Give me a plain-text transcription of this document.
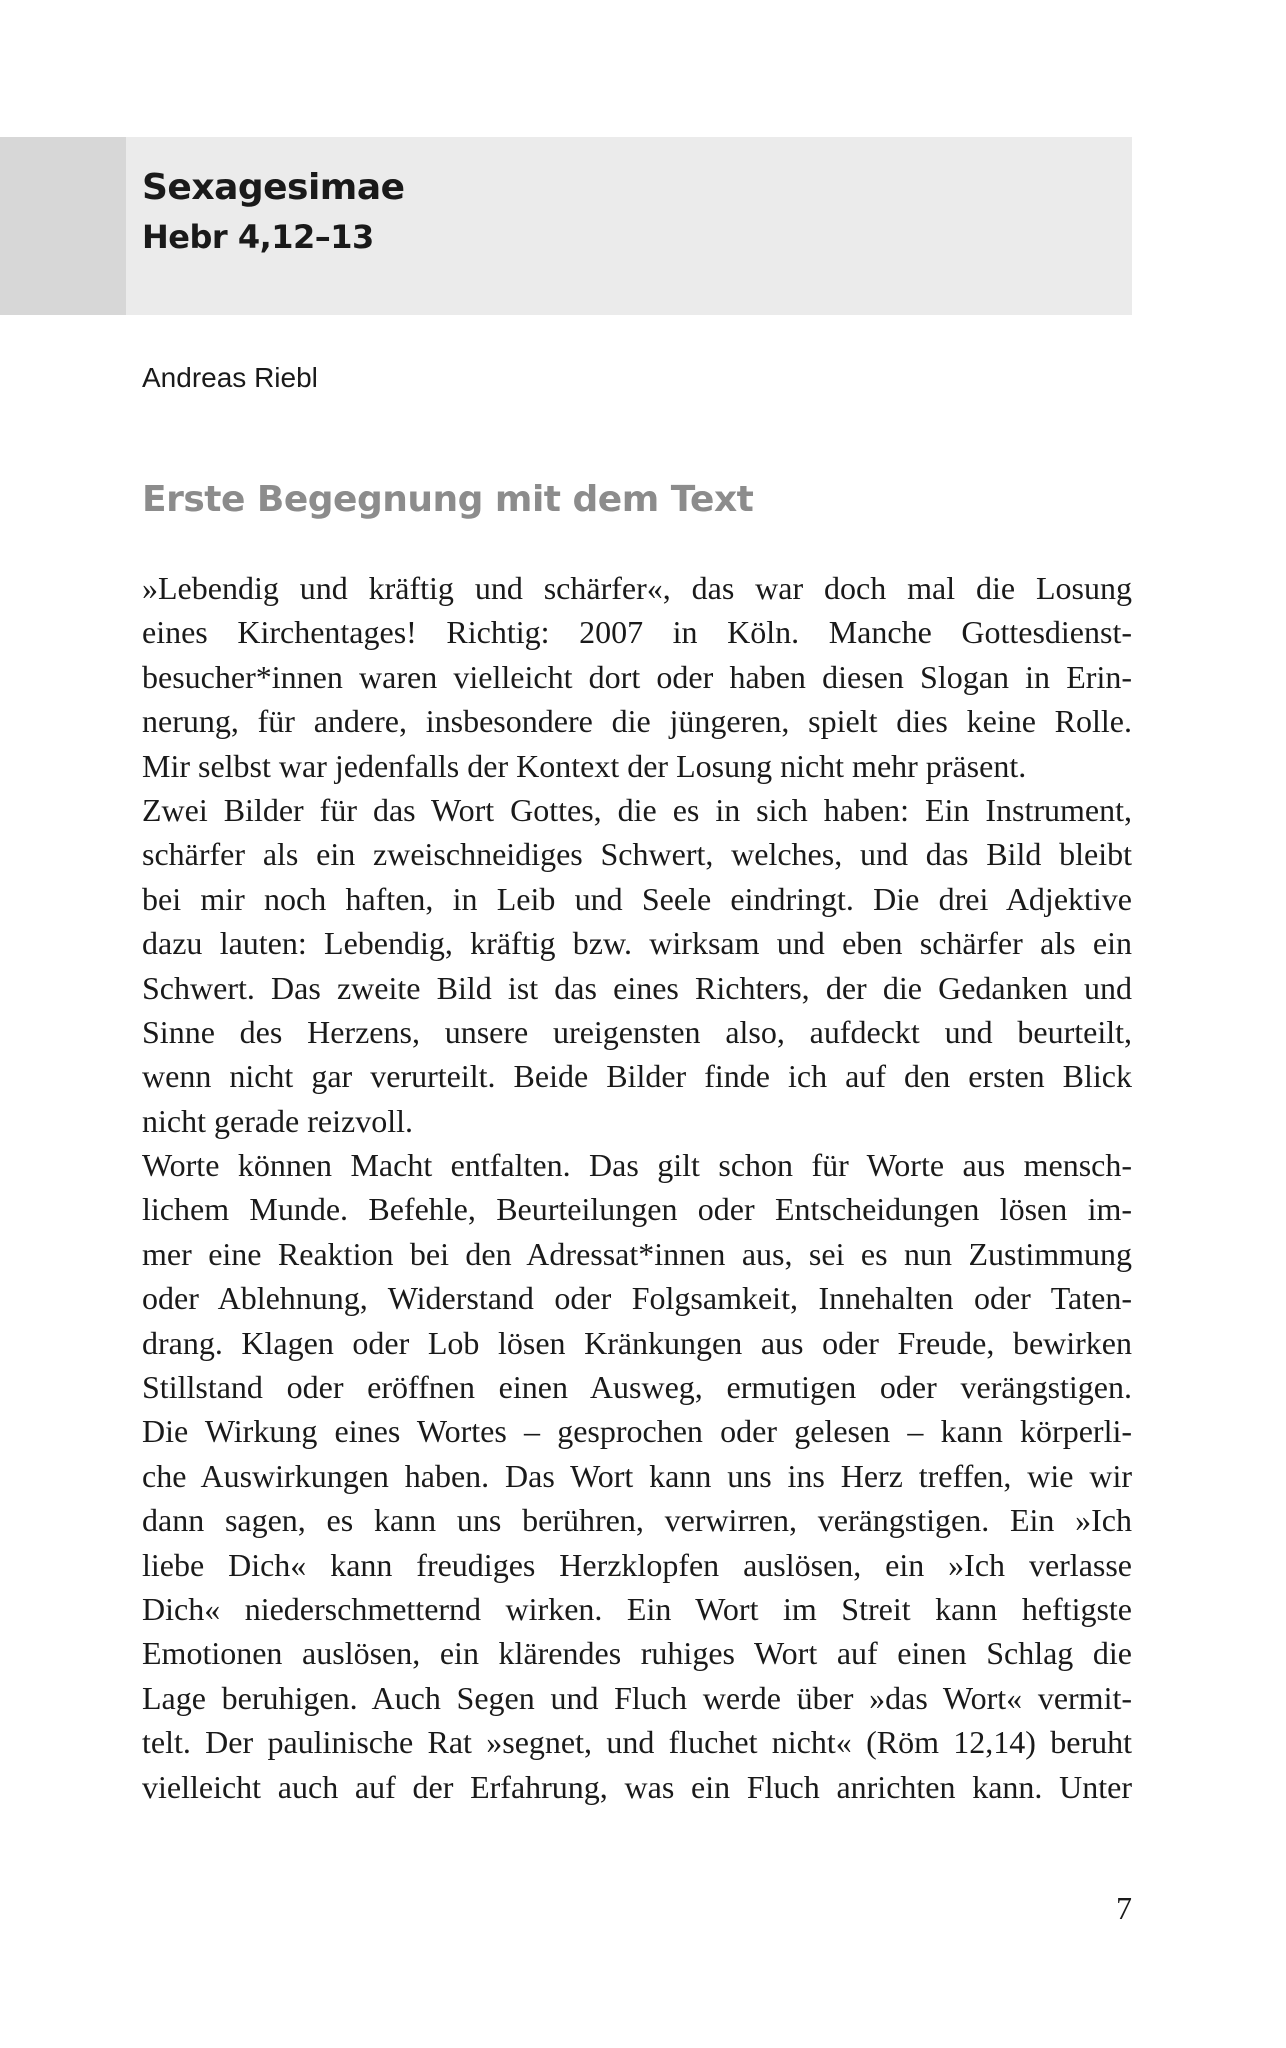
Sexagesimae
Hebr 4,12–13
Andreas Riebl
Erste Begegnung mit dem Text
»Lebendig und kräftig und schärfer«, das war doch mal die Losung
eines Kirchentages! Richtig: 2007 in Köln. Manche Gottesdienst-
besucher*innen waren vielleicht dort oder haben diesen Slogan in Erin-
nerung, für andere, insbesondere die jüngeren, spielt dies keine Rolle.
Mir selbst war jedenfalls der Kontext der Losung nicht mehr präsent.
Zwei Bilder für das Wort Gottes, die es in sich haben: Ein Instrument,
schärfer als ein zweischneidiges Schwert, welches, und das Bild bleibt
bei mir noch haften, in Leib und Seele eindringt. Die drei Adjektive
dazu lauten: Lebendig, kräftig bzw. wirksam und eben schärfer als ein
Schwert. Das zweite Bild ist das eines Richters, der die Gedanken und
Sinne des Herzens, unsere ureigensten also, aufdeckt und beurteilt,
wenn nicht gar verurteilt. Beide Bilder finde ich auf den ersten Blick
nicht gerade reizvoll.
Worte können Macht entfalten. Das gilt schon für Worte aus mensch-
lichem Munde. Befehle, Beurteilungen oder Entscheidungen lösen im-
mer eine Reaktion bei den Adressat*innen aus, sei es nun Zustimmung
oder Ablehnung, Widerstand oder Folgsamkeit, Innehalten oder Taten-
drang. Klagen oder Lob lösen Kränkungen aus oder Freude, bewirken
Stillstand oder eröffnen einen Ausweg, ermutigen oder verängstigen.
Die Wirkung eines Wortes – gesprochen oder gelesen – kann körperli-
che Auswirkungen haben. Das Wort kann uns ins Herz treffen, wie wir
dann sagen, es kann uns berühren, verwirren, verängstigen. Ein »Ich
liebe Dich« kann freudiges Herzklopfen auslösen, ein »Ich verlasse
Dich« niederschmetternd wirken. Ein Wort im Streit kann heftigste
Emotionen auslösen, ein klärendes ruhiges Wort auf einen Schlag die
Lage beruhigen. Auch Segen und Fluch werde über »das Wort« vermit-
telt. Der paulinische Rat »segnet, und fluchet nicht« (Röm 12,14) beruht
vielleicht auch auf der Erfahrung, was ein Fluch anrichten kann. Unter
7
